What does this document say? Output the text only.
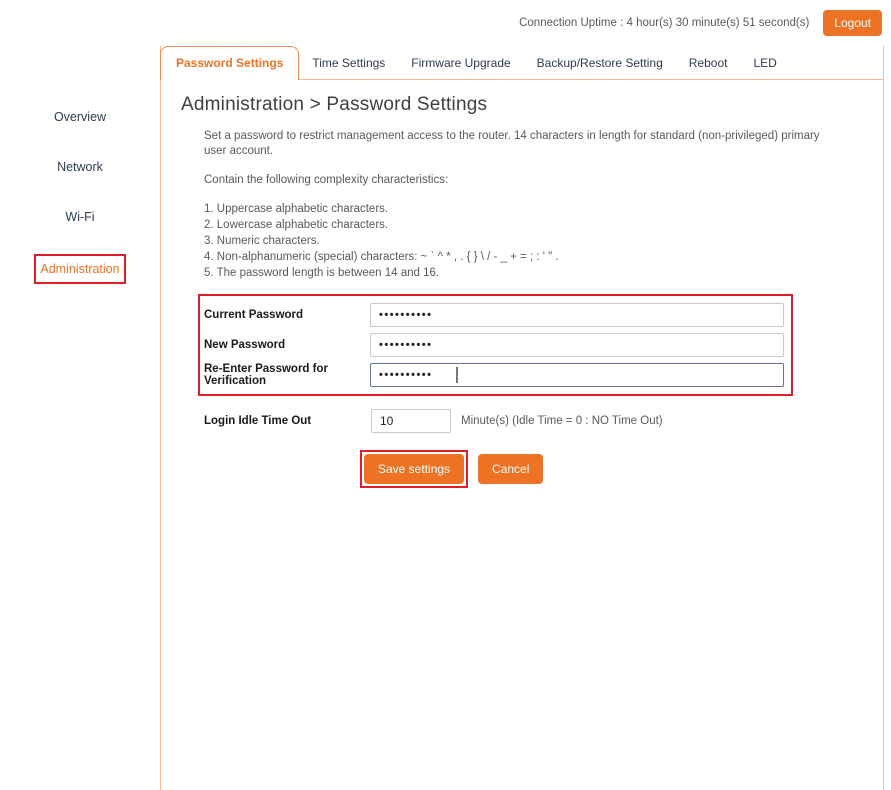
Connection Uptime : 4 hour(s) 30 minute(s) 51 second(s)	Logout
Overview
Network
Wi-Fi
Administration
Password Settings	Time Settings	Firmware Upgrade	Backup/Restore Setting	Reboot	LED
Administration > Password Settings

Set a password to restrict management access to the router. 14 characters in length for standard (non-privileged) primary user account.

Contain the following complexity characteristics:

1. Uppercase alphabetic characters.
2. Lowercase alphabetic characters.
3. Numeric characters.
4. Non-alphanumeric (special) characters: ~ ` ^ * , . { } \ / - _ + = ; : ' " .
5. The password length is between 14 and 16.
Current Password
••••••••••
New Password
••••••••••
Re-Enter Password for Verification
••••••••••
Login Idle Time Out
10	Minute(s) (Idle Time = 0 : NO Time Out)
Save settings	Cancel
